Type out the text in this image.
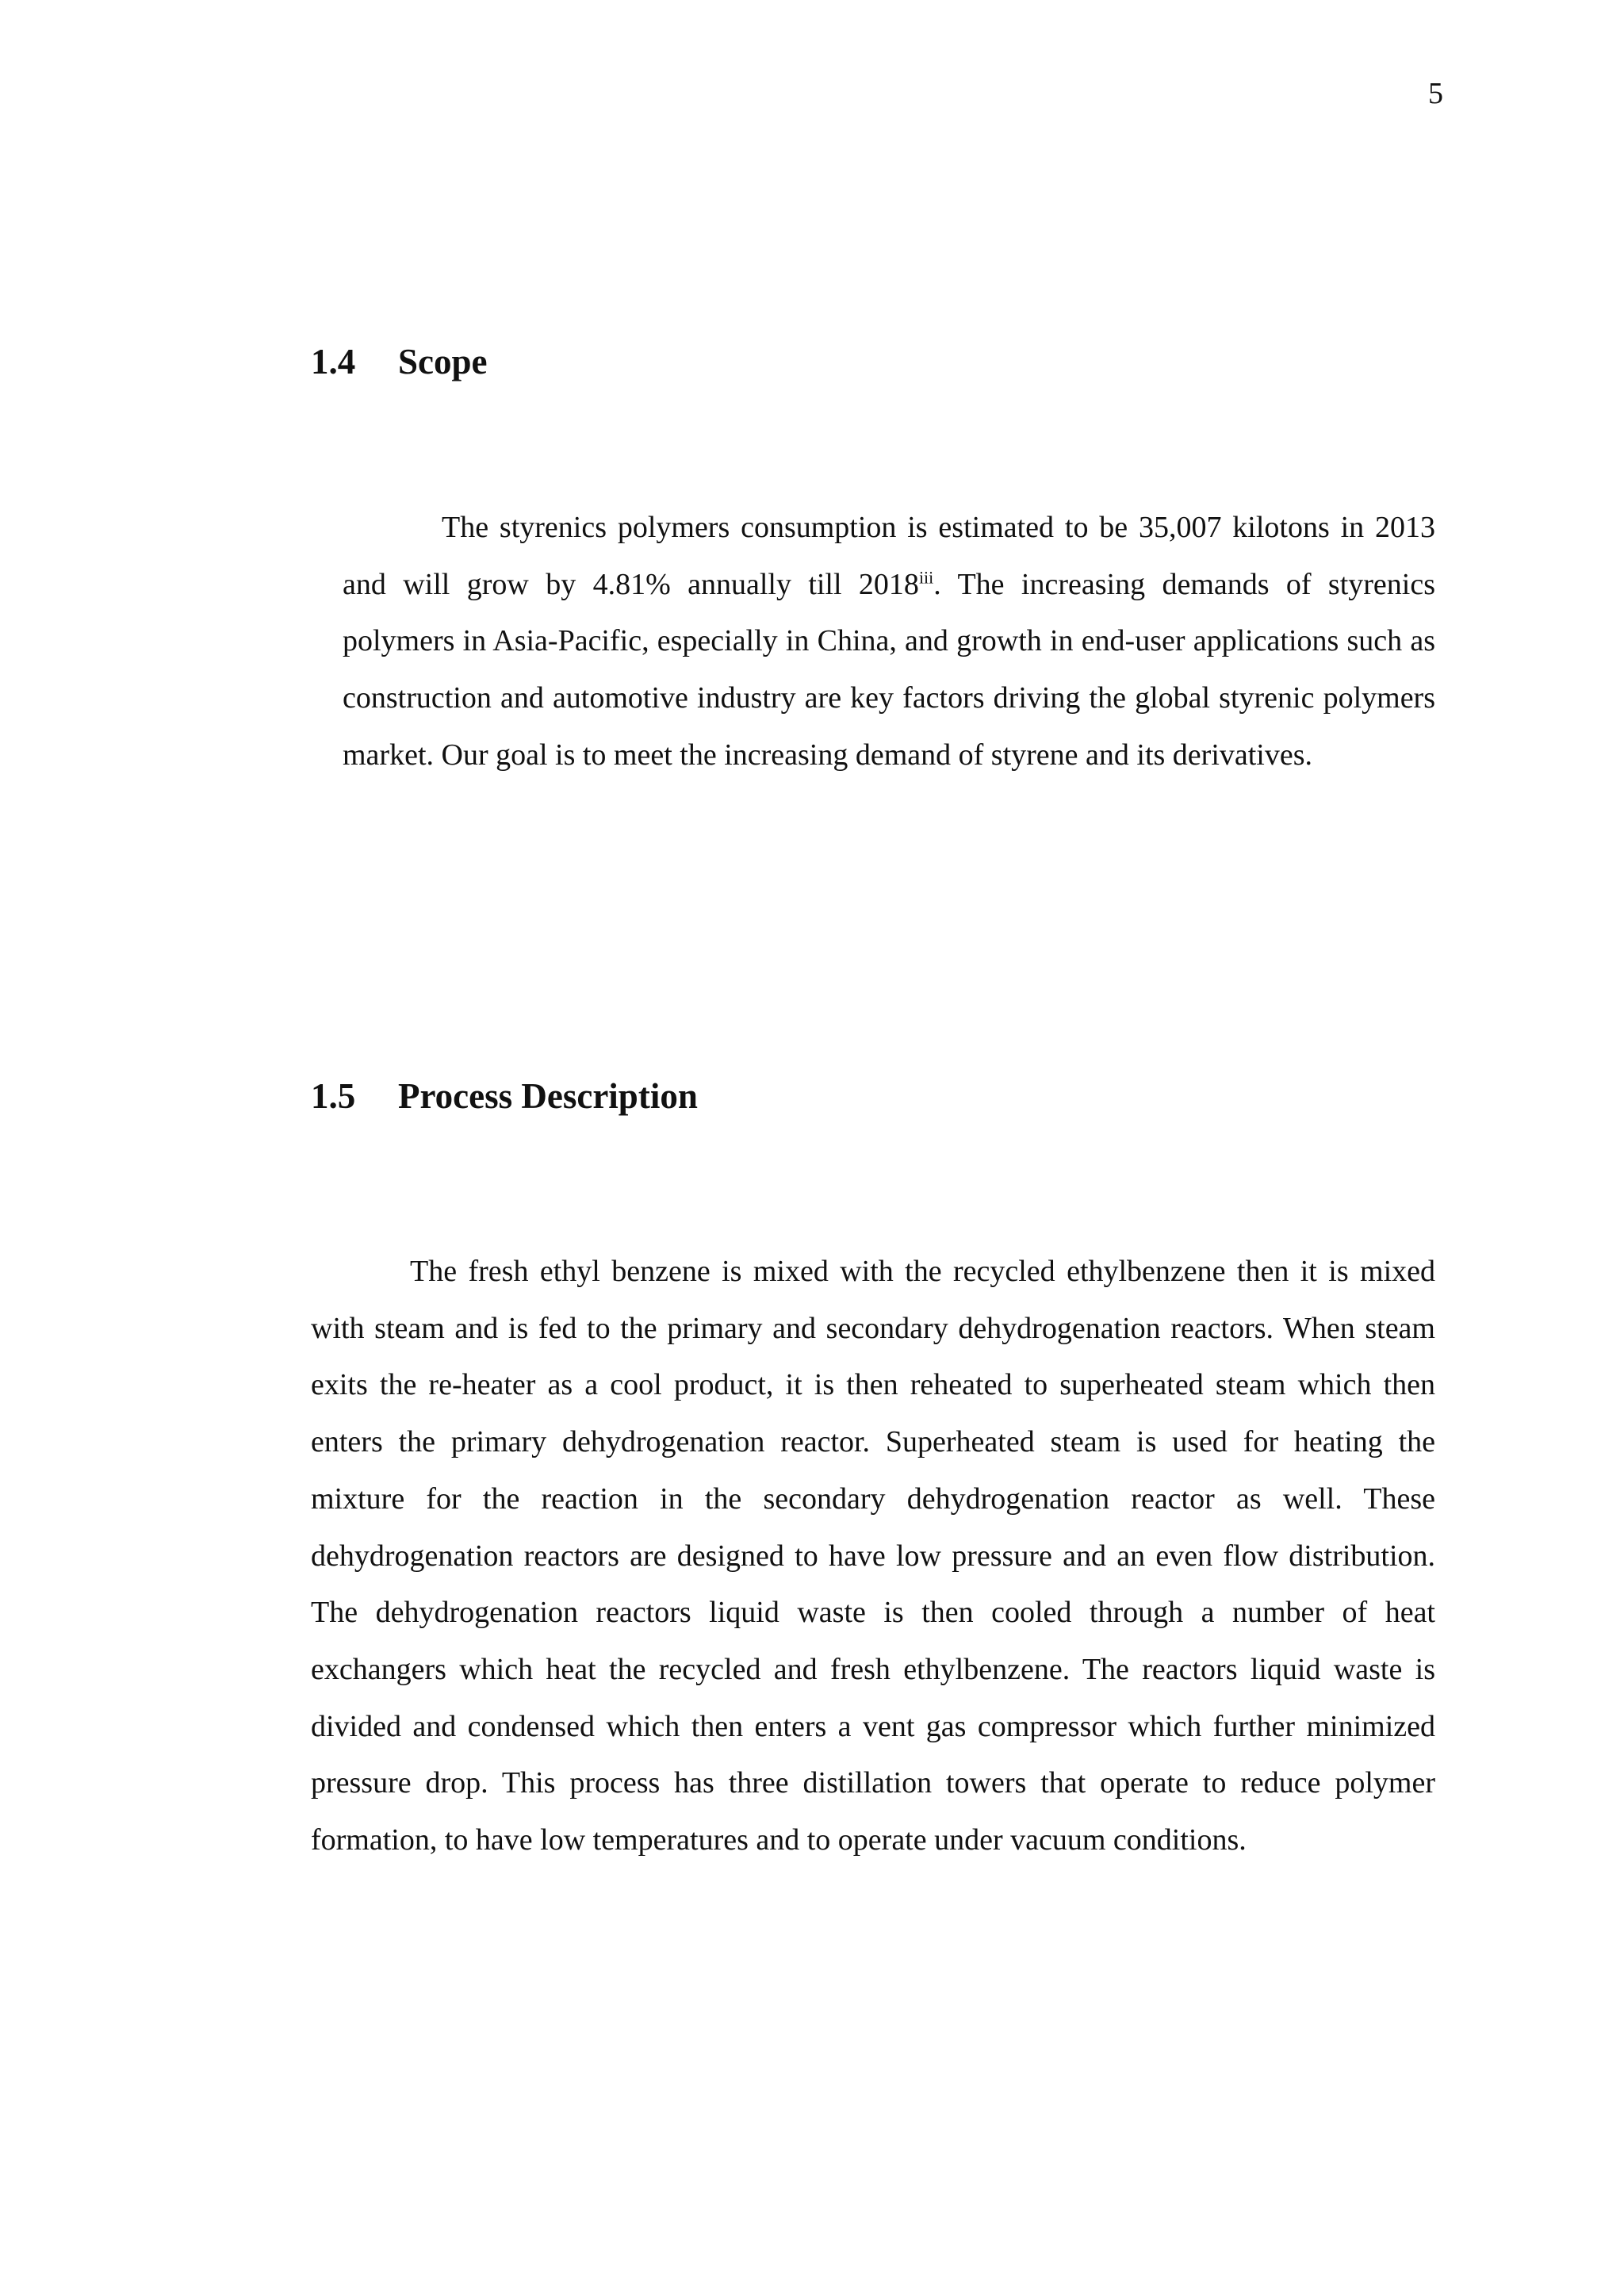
5
1.4 Scope

The styrenics polymers consumption is estimated to be 35,007 kilotons in 2013 and will grow by 4.81% annually till 2018$^{iii}$. The increasing demands of styrenics polymers in Asia-Pacific, especially in China, and growth in end-user applications such as construction and automotive industry are key factors driving the global styrenic polymers market. Our goal is to meet the increasing demand of styrene and its derivatives.

1.5 Process Description

The fresh ethyl benzene is mixed with the recycled ethylbenzene then it is mixed with steam and is fed to the primary and secondary dehydrogenation reactors. When steam exits the re-heater as a cool product, it is then reheated to superheated steam which then enters the primary dehydrogenation reactor. Superheated steam is used for heating the mixture for the reaction in the secondary dehydrogenation reactor as well. These dehydrogenation reactors are designed to have low pressure and an even flow distribution. The dehydrogenation reactors liquid waste is then cooled through a number of heat exchangers which heat the recycled and fresh ethylbenzene. The reactors liquid waste is divided and condensed which then enters a vent gas compressor which further minimized pressure drop. This process has three distillation towers that operate to reduce polymer formation, to have low temperatures and to operate under vacuum conditions.
